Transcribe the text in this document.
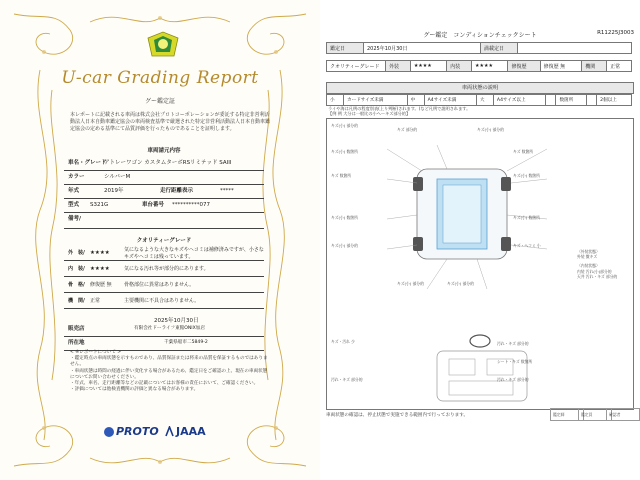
U-car Grading Report
グー鑑定証
本レポートに記載される車両は株式会社プロトコーポレーションが委託する特定非営利活動法人日本自動車鑑定協会の車両検査基準で厳選された特定非営利活動法人日本自動車鑑定協会の定める基準にて品質評価を行ったものであることを証明します。
車両請元内容
車名・グレード
アトレーワゴン カスタムターボRSリミテッド SAIII
カラー	シルバーM
年式	2019年	走行距離表示	*****
型式 S321G	車台番号 **********077
備考/
クオリティーグレード
外　装/ ★★★★	気になるような大きなキズやヘコミは補修済みですが、小さなキズやヘコミは残っています。
内　装/ ★★★★	気になる汚れ等が部分的にあります。
骨　格/ 修復歴 無 骨格部位に異常はありません。
機　関/ 正常	主要機関に不具合はありません。
2025年10月30日
販売店	有限会社ドーライフ東館ONIX加店
所在地	千葉県船市二5849-2
< ※レポートについて >
・鑑定時点の車両状態を示すものであり、品質保証または将来の品質を保証するものではありません。
・車両状態は時間の経過に伴い変化する場合があるため、鑑定日をご確認の上、現在の車両状態についてお問い合わせください。
・年式、車名、走行距離等などの記載についてはお客様の責任において、ご確認ください。
・評価については他検査機関の評価と異なる場合があります。
PROTO JAAA
グー鑑定　コンディションチェックシート	R11225J3003
鑑定日	2025年10月30日	満載定日	
クオリティーグレード	外装	★★★★	内装	★★★★	修復歴	修復歴 無	機関	正常
車両状態の説明
小	カードサイズ未満	中	A4サイズ未満	大	A4サイズ以上		数箇所		2個以上
ライや海は凡例の程度別表(上り判断)されます。(など凡例で説明されます。
【例 例 大分は一般比の小ヘーキズ部分的】
キズ(小) 部分的
キズ 部分的	キズ(小) 部分的
キズ(小) 数箇所	キズ 数箇所
キズ 数箇所	キズ(小) 数箇所
キズ(小) 数箇所
キズ・ヘコミ 小
キズ(小) 部分的
キズ(小) 部分的	キズ(小) 部分的
キズ(小) 数箇所
キズ・汚れ 少	汚れ・キズ 部分的
シート・キズ 数箇所
汚れ・キズ 部分的
汚れ・キズ 部分的
〈外装状態〉
外装 微キズ
〈内装状態〉
内装 汚れ(小)部分的
天井 汚れ・キズ 部分的
車両状態の確認は、停止状態で実施できる範囲内で行っております。	鑑定師	鑑定員	確認者
